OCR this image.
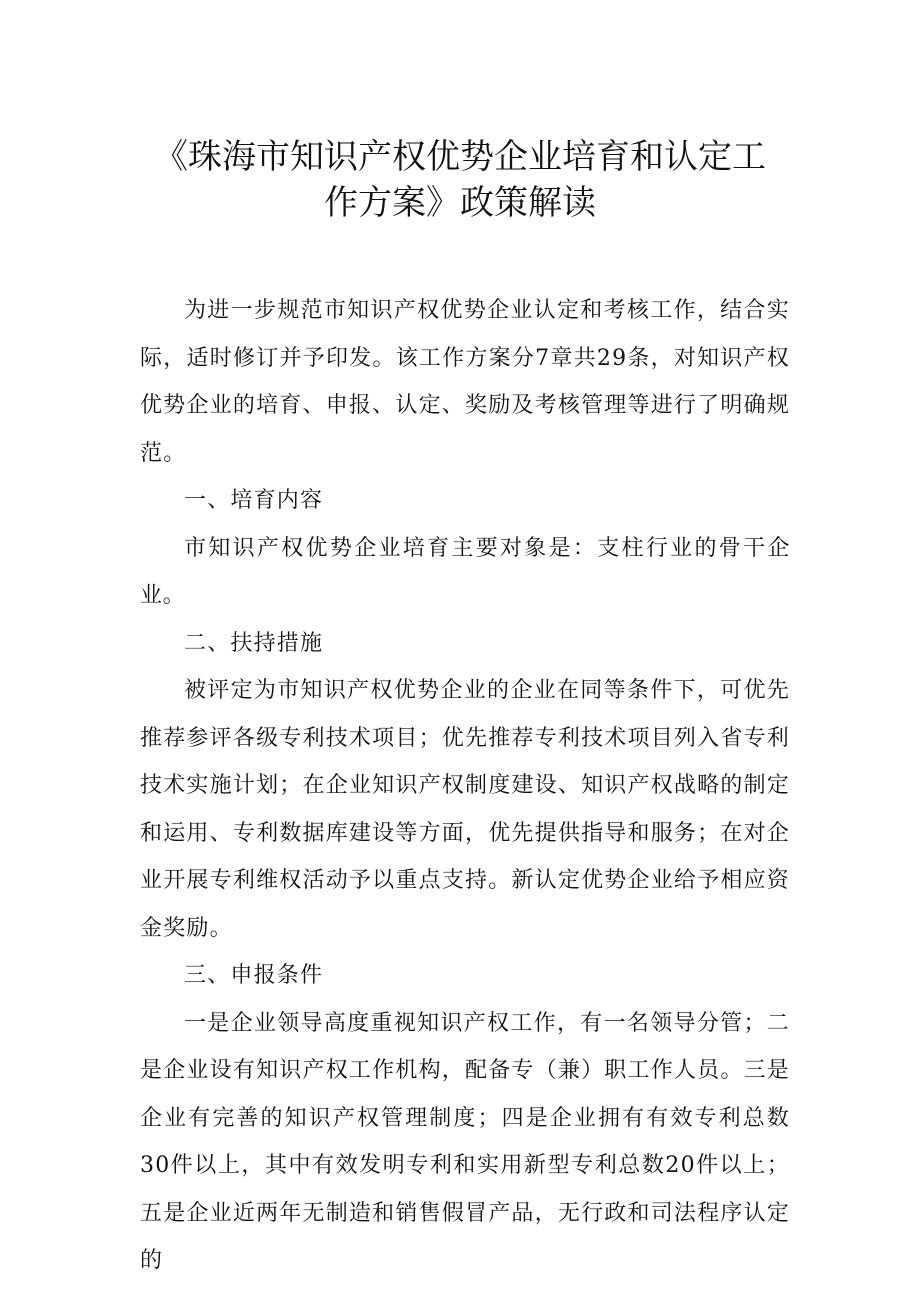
《珠海市知识产权优势企业培育和认定工
作方案》政策解读

为进一步规范市知识产权优势企业认定和考核工作，结合实际，适时修订并予印发。该工作方案分7章共29条，对知识产权优势企业的培育、申报、认定、奖励及考核管理等进行了明确规范。

一、培育内容

市知识产权优势企业培育主要对象是：支柱行业的骨干企业。

二、扶持措施

被评定为市知识产权优势企业的企业在同等条件下，可优先推荐参评各级专利技术项目；优先推荐专利技术项目列入省专利技术实施计划；在企业知识产权制度建设、知识产权战略的制定和运用、专利数据库建设等方面，优先提供指导和服务；在对企业开展专利维权活动予以重点支持。新认定优势企业给予相应资金奖励。

三、申报条件

一是企业领导高度重视知识产权工作，有一名领导分管；二是企业设有知识产权工作机构，配备专（兼）职工作人员。三是企业有完善的知识产权管理制度；四是企业拥有有效专利总数30件以上，其中有效发明专利和实用新型专利总数20件以上；五是企业近两年无制造和销售假冒产品，无行政和司法程序认定的
